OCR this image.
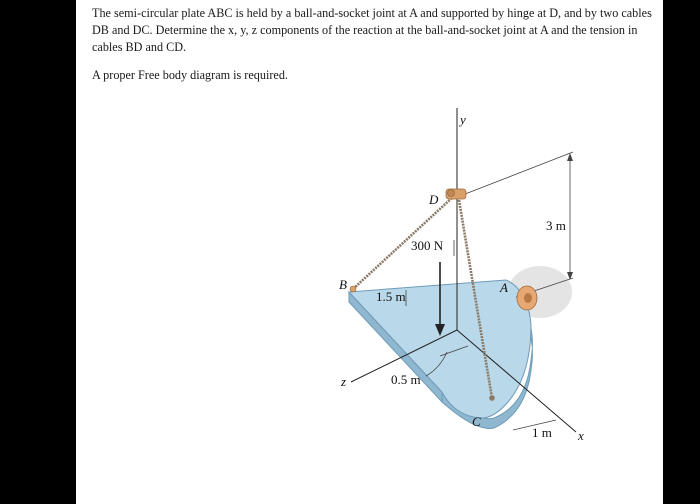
The semi-circular plate ABC is held by a ball-and-socket joint at A and supported by hinge at D, and by two cables DB and DC. Determine the x, y, z components of the reaction at the ball-and-socket joint at A and the tension in cables BD and CD.

A proper Free body diagram is required.

y
x
z
3 m
1 m
1.5 m
0.5 m
D
300 N
B	A
C
